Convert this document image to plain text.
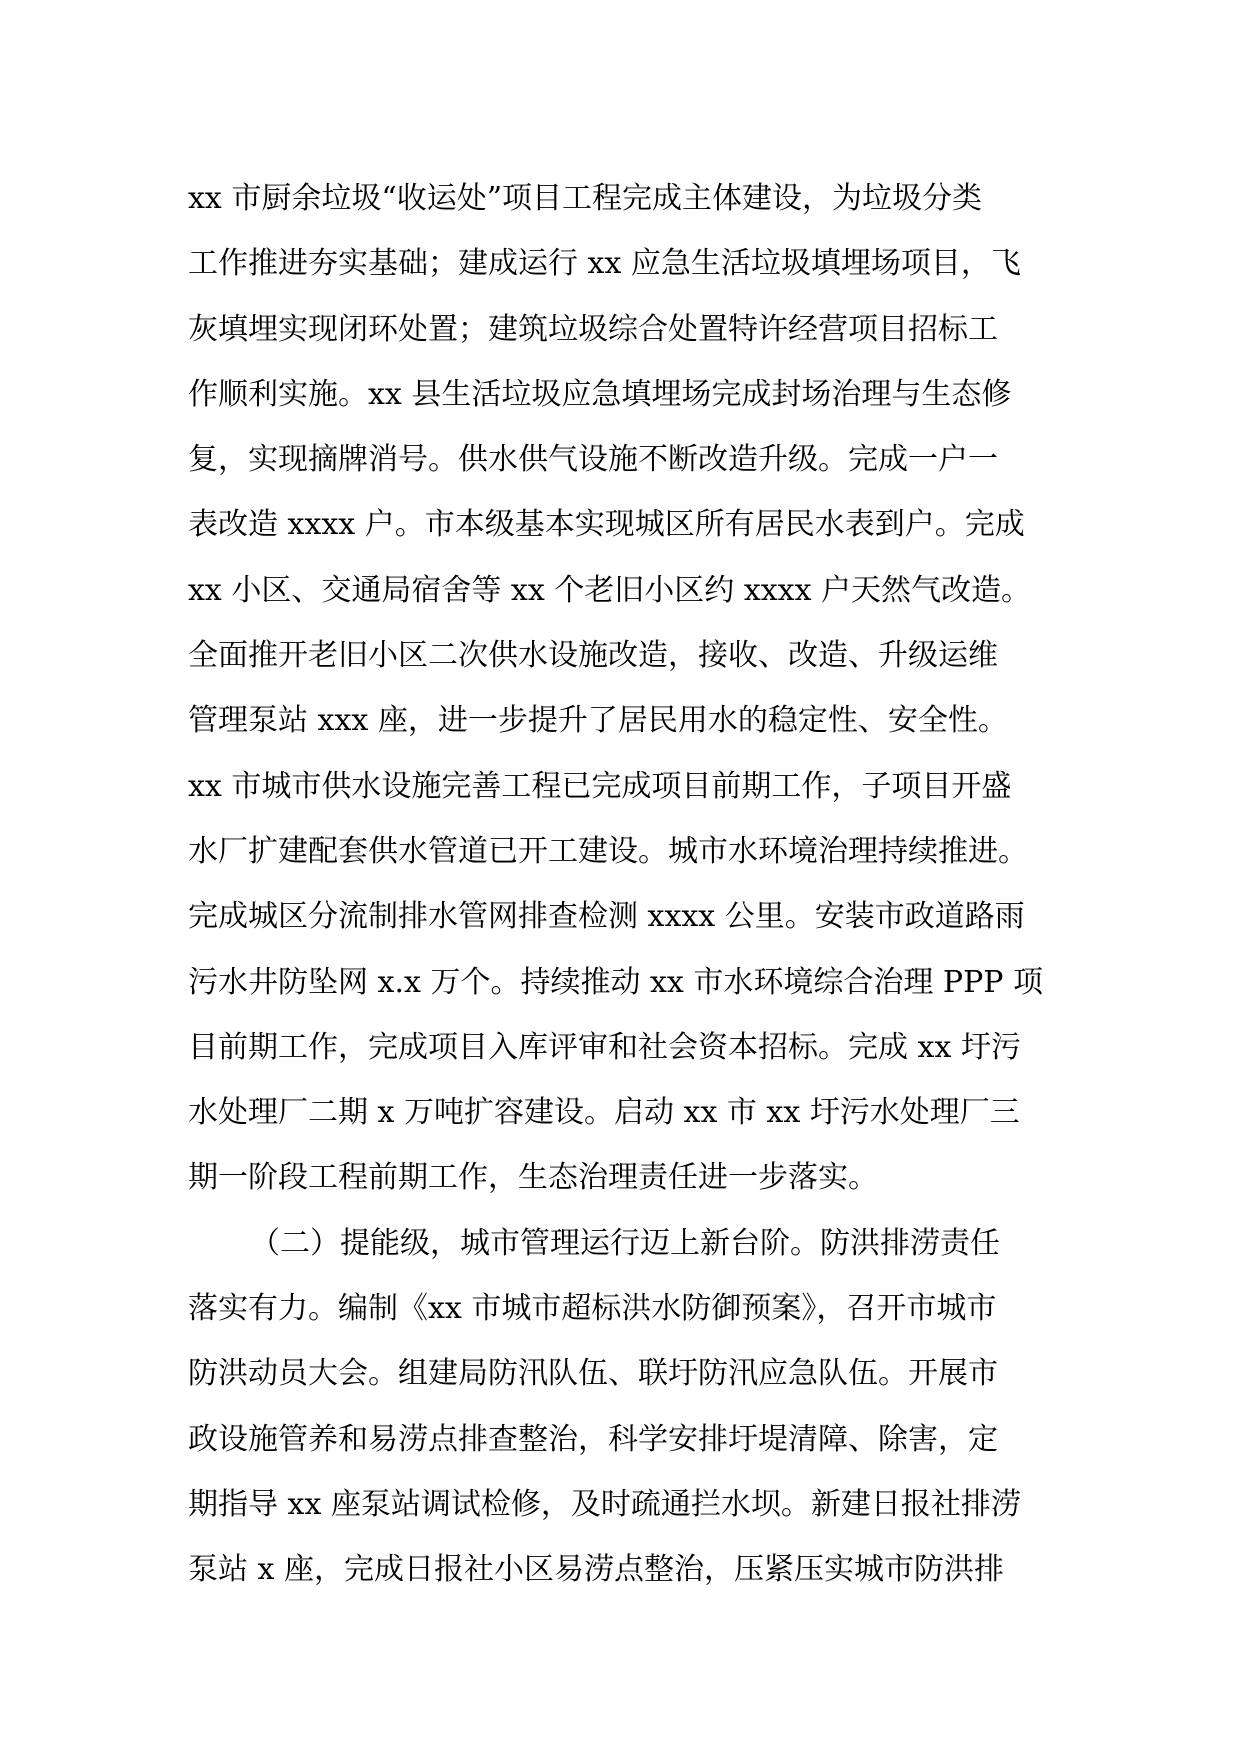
xx 市厨余垃圾“收运处”项目工程完成主体建设，为垃圾分类
工作推进夯实基础；建成运行 xx 应急生活垃圾填埋场项目，飞
灰填埋实现闭环处置；建筑垃圾综合处置特许经营项目招标工
作顺利实施。xx 县生活垃圾应急填埋场完成封场治理与生态修
复，实现摘牌消号。供水供气设施不断改造升级。完成一户一
表改造 xxxx 户。市本级基本实现城区所有居民水表到户。完成
xx 小区、交通局宿舍等 xx 个老旧小区约 xxxx 户天然气改造。
全面推开老旧小区二次供水设施改造，接收、改造、升级运维
管理泵站 xxx 座，进一步提升了居民用水的稳定性、安全性。
xx 市城市供水设施完善工程已完成项目前期工作，子项目开盛
水厂扩建配套供水管道已开工建设。城市水环境治理持续推进。
完成城区分流制排水管网排查检测 xxxx 公里。安装市政道路雨
污水井防坠网 x.x 万个。持续推动 xx 市水环境综合治理 PPP 项
目前期工作，完成项目入库评审和社会资本招标。完成 xx 圩污
水处理厂二期 x 万吨扩容建设。启动 xx 市 xx 圩污水处理厂三
期一阶段工程前期工作，生态治理责任进一步落实。
（二）提能级，城市管理运行迈上新台阶。防洪排涝责任
落实有力。编制《xx 市城市超标洪水防御预案》，召开市城市
防洪动员大会。组建局防汛队伍、联圩防汛应急队伍。开展市
政设施管养和易涝点排查整治，科学安排圩堤清障、除害，定
期指导 xx 座泵站调试检修，及时疏通拦水坝。新建日报社排涝
泵站 x 座，完成日报社小区易涝点整治，压紧压实城市防洪排
